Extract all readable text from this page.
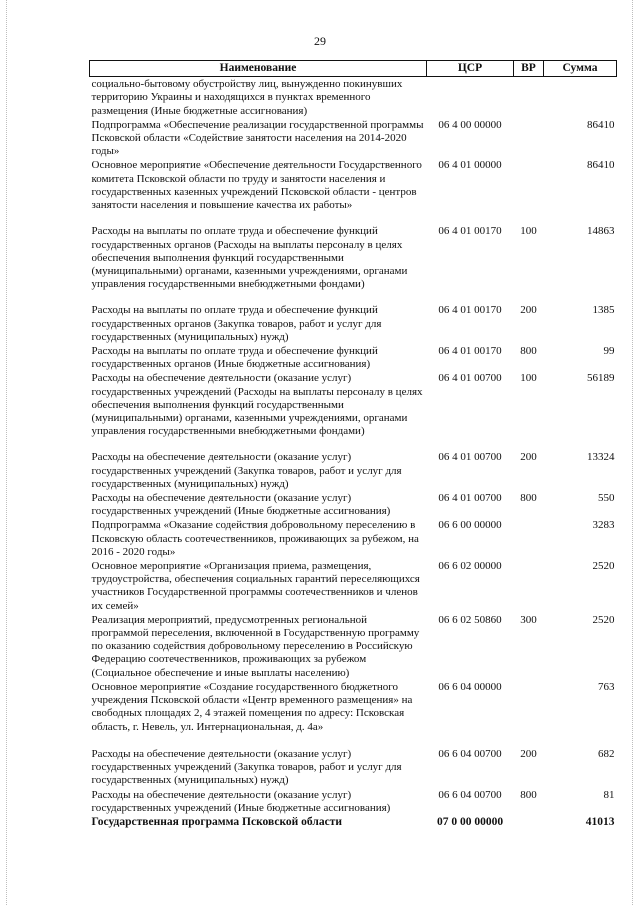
29
Наименование	ЦСР	ВР	Сумма
социально-бытовому обустройству лиц, вынужденно покинувших территорию Украины и находящихся в пунктах временного размещения (Иные бюджетные ассигнования)			
Подпрограмма «Обеспечение реализации государственной программы Псковской области «Содействие занятости населения на 2014-2020 годы»	06 4 00 00000		86410
Основное мероприятие «Обеспечение деятельности Государственного комитета Псковской области по труду и занятости населения и государственных казенных учреждений Псковской области - центров занятости населения и повышение качества их работы»	06 4 01 00000		86410
Расходы на выплаты по оплате труда и обеспечение функций государственных органов (Расходы на выплаты персоналу в целях обеспечения выполнения функций государственными (муниципальными) органами, казенными учреждениями, органами управления государственными внебюджетными фондами)	06 4 01 00170	100	14863
Расходы на выплаты по оплате труда и обеспечение функций государственных органов (Закупка товаров, работ и услуг для государственных (муниципальных) нужд)	06 4 01 00170	200	1385
Расходы на выплаты по оплате труда и обеспечение функций государственных органов (Иные бюджетные ассигнования)	06 4 01 00170	800	99
Расходы на обеспечение деятельности (оказание услуг) государственных учреждений (Расходы на выплаты персоналу в целях обеспечения выполнения функций государственными (муниципальными) органами, казенными учреждениями, органами управления государственными внебюджетными фондами)	06 4 01 00700	100	56189
Расходы на обеспечение деятельности (оказание услуг) государственных учреждений (Закупка товаров, работ и услуг для государственных (муниципальных) нужд)	06 4 01 00700	200	13324
Расходы на обеспечение деятельности (оказание услуг) государственных учреждений (Иные бюджетные ассигнования)	06 4 01 00700	800	550
Подпрограмма «Оказание содействия добровольному переселению в Псковскую область соотечественников, проживающих за рубежом, на 2016 - 2020 годы»	06 6 00 00000		3283
Основное мероприятие «Организация приема, размещения, трудоустройства, обеспечения социальных гарантий переселяющихся участников Государственной программы соотечественников и членов их семей»	06 6 02 00000		2520
Реализация мероприятий, предусмотренных региональной программой переселения, включенной в Государственную программу по оказанию содействия добровольному переселению в Российскую Федерацию соотечественников, проживающих за рубежом (Социальное обеспечение и иные выплаты населению)	06 6 02 50860	300	2520
Основное мероприятие «Создание государственного бюджетного учреждения Псковской области «Центр временного размещения» на свободных площадях 2, 4 этажей помещения по адресу: Псковская область, г. Невель, ул. Интернациональная, д. 4а»	06 6 04 00000		763
Расходы на обеспечение деятельности (оказание услуг) государственных учреждений (Закупка товаров, работ и услуг для государственных (муниципальных) нужд)	06 6 04 00700	200	682
Расходы на обеспечение деятельности (оказание услуг) государственных учреждений (Иные бюджетные ассигнования)	06 6 04 00700	800	81
Государственная программа Псковской области	07 0 00 00000		41013
